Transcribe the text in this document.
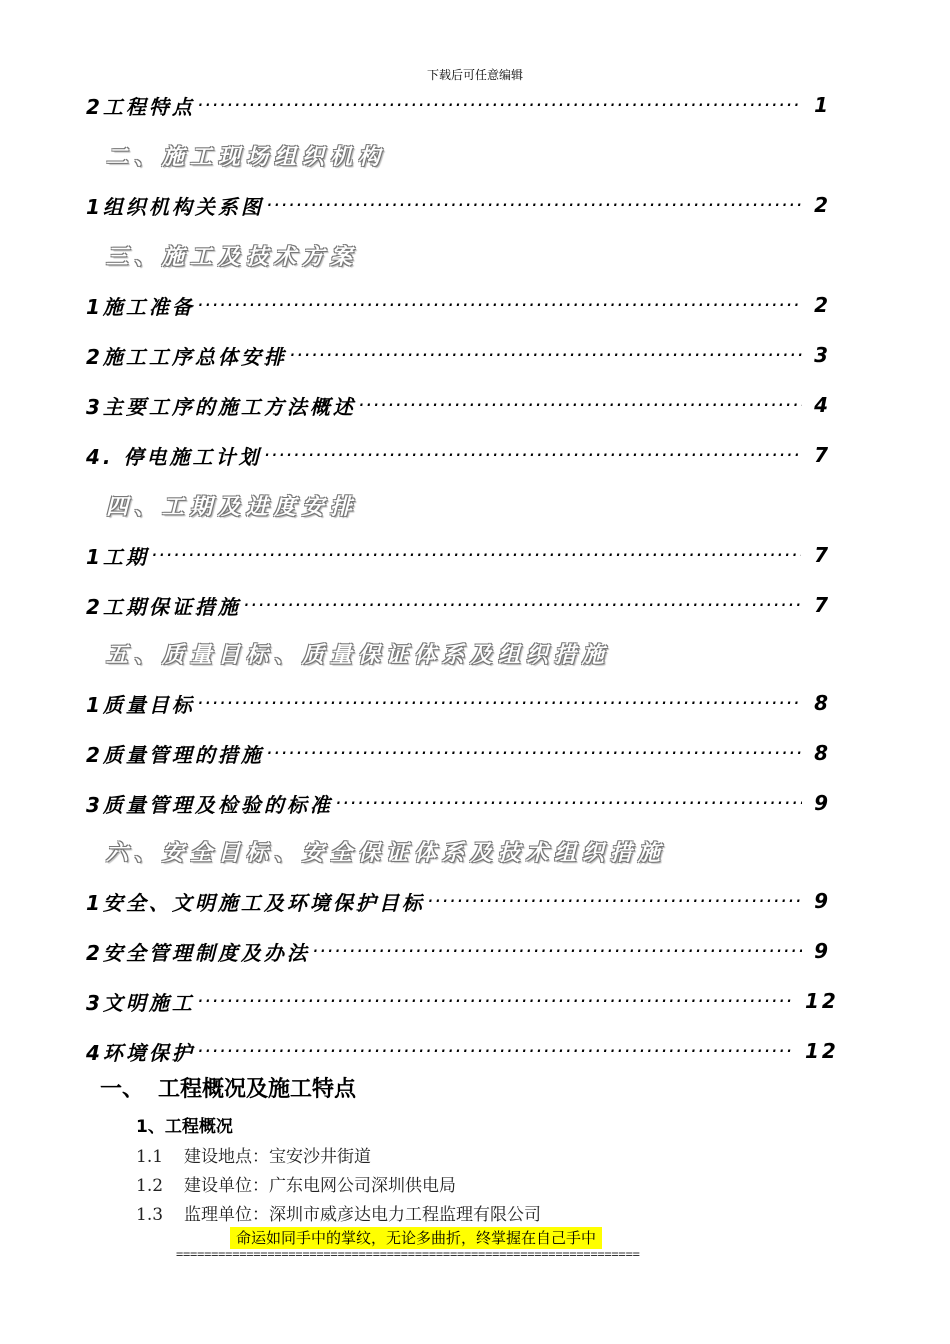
下载后可任意编辑
2工程特点 ·····	1
二、施工现场组织机构
1组织机构关系图 ·····	2
三、施工及技术方案
1施工准备 ·····	2
2施工工序总体安排 ·····	3
3主要工序的施工方法概述 ·····	4
4. 停电施工计划 ·····	7
四、工期及进度安排
1工期 ·····	7
2工期保证措施 ·····	7
五、质量目标、质量保证体系及组织措施
1质量目标 ·····	8
2质量管理的措施 ·····	8
3质量管理及检验的标准 ·····	9
六、安全目标、安全保证体系及技术组织措施
1安全、文明施工及环境保护目标 ·····	9
2安全管理制度及办法 ·····	9
3文明施工 ·····	12
4环境保护 ·····	12
一、 工程概况及施工特点
1、工程概况
1.1 建设地点：宝安沙井街道
1.2 建设单位：广东电网公司深圳供电局
1.3 监理单位：深圳市威彦达电力工程监理有限公司
命运如同手中的掌纹，无论多曲折，终掌握在自己手中
==================================================================
